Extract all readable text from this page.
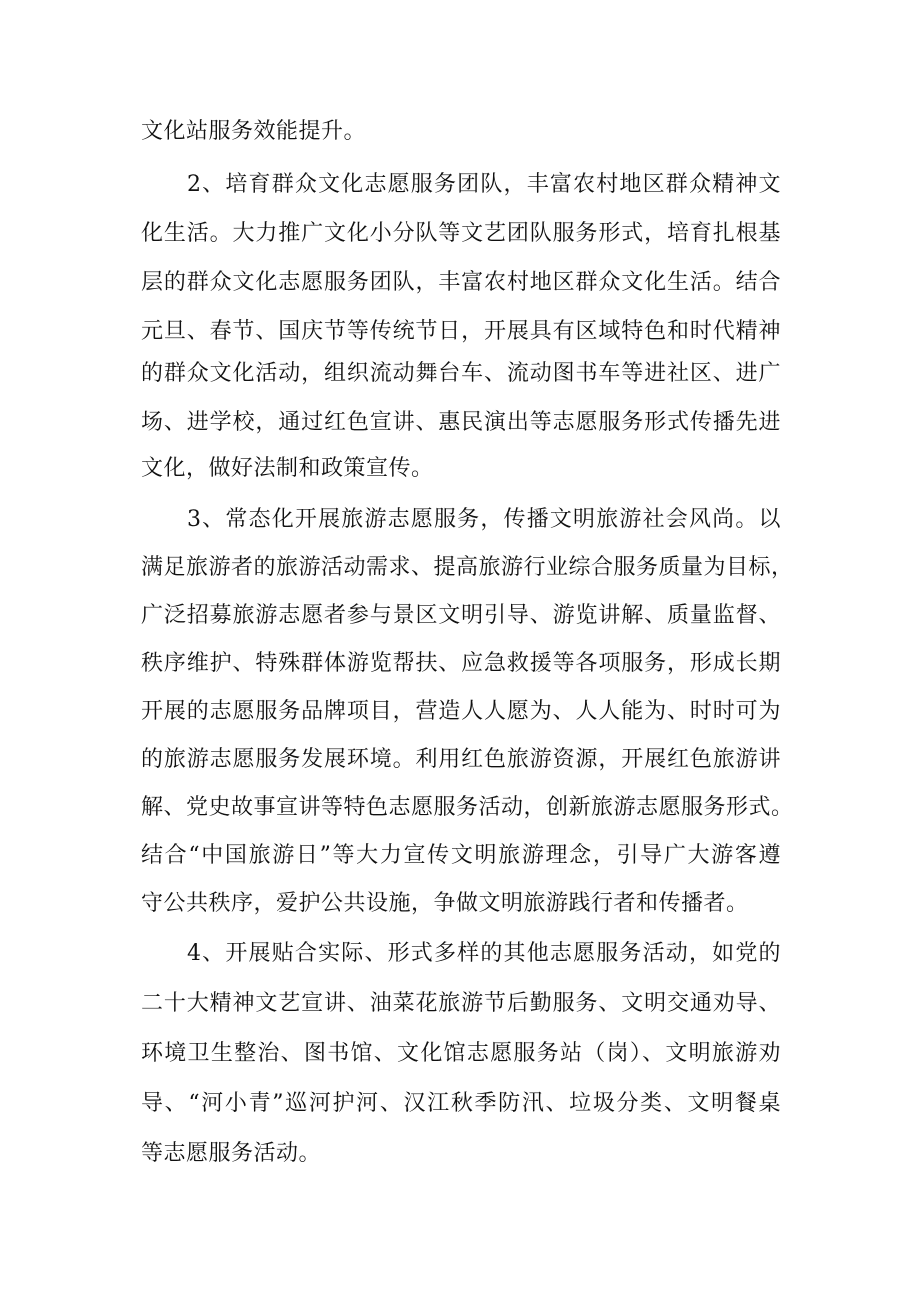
文化站服务效能提升。
2、培育群众文化志愿服务团队，丰富农村地区群众精神文
化生活。大力推广文化小分队等文艺团队服务形式，培育扎根基
层的群众文化志愿服务团队，丰富农村地区群众文化生活。结合
元旦、春节、国庆节等传统节日，开展具有区域特色和时代精神
的群众文化活动，组织流动舞台车、流动图书车等进社区、进广
场、进学校，通过红色宣讲、惠民演出等志愿服务形式传播先进
文化，做好法制和政策宣传。
3、常态化开展旅游志愿服务，传播文明旅游社会风尚。以
满足旅游者的旅游活动需求、提高旅游行业综合服务质量为目标，
广泛招募旅游志愿者参与景区文明引导、游览讲解、质量监督、
秩序维护、特殊群体游览帮扶、应急救援等各项服务，形成长期
开展的志愿服务品牌项目，营造人人愿为、人人能为、时时可为
的旅游志愿服务发展环境。利用红色旅游资源，开展红色旅游讲
解、党史故事宣讲等特色志愿服务活动，创新旅游志愿服务形式。
结合“中国旅游日”等大力宣传文明旅游理念，引导广大游客遵
守公共秩序，爱护公共设施，争做文明旅游践行者和传播者。
4、开展贴合实际、形式多样的其他志愿服务活动，如党的
二十大精神文艺宣讲、油菜花旅游节后勤服务、文明交通劝导、
环境卫生整治、图书馆、文化馆志愿服务站（岗）、文明旅游劝
导、“河小青”巡河护河、汉江秋季防汛、垃圾分类、文明餐桌
等志愿服务活动。
